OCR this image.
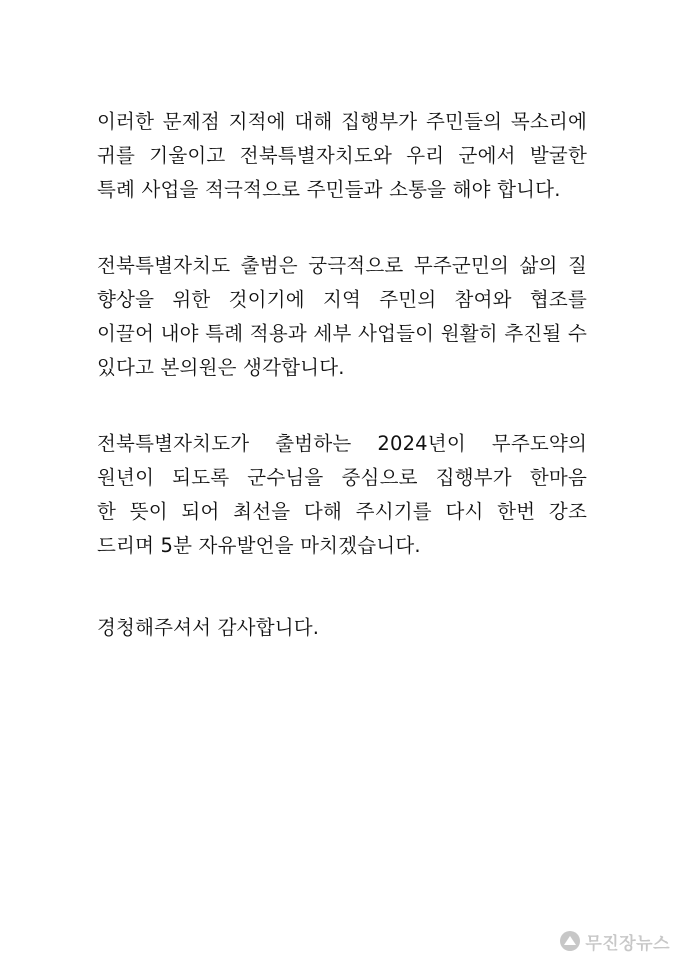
이러한 문제점 지적에 대해 집행부가 주민들의 목소리에
귀를 기울이고 전북특별자치도와 우리 군에서 발굴한
특례 사업을 적극적으로 주민들과 소통을 해야 합니다.
전북특별자치도 출범은 궁극적으로 무주군민의 삶의 질
향상을 위한 것이기에 지역 주민의 참여와 협조를
이끌어 내야 특례 적용과 세부 사업들이 원활히 추진될 수
있다고 본의원은 생각합니다.
전북특별자치도가 출범하는 2024년이 무주도약의
원년이 되도록 군수님을 중심으로 집행부가 한마음
한 뜻이 되어 최선을 다해 주시기를 다시 한번 강조
드리며 5분 자유발언을 마치겠습니다.
경청해주셔서 감사합니다.
무진장뉴스
